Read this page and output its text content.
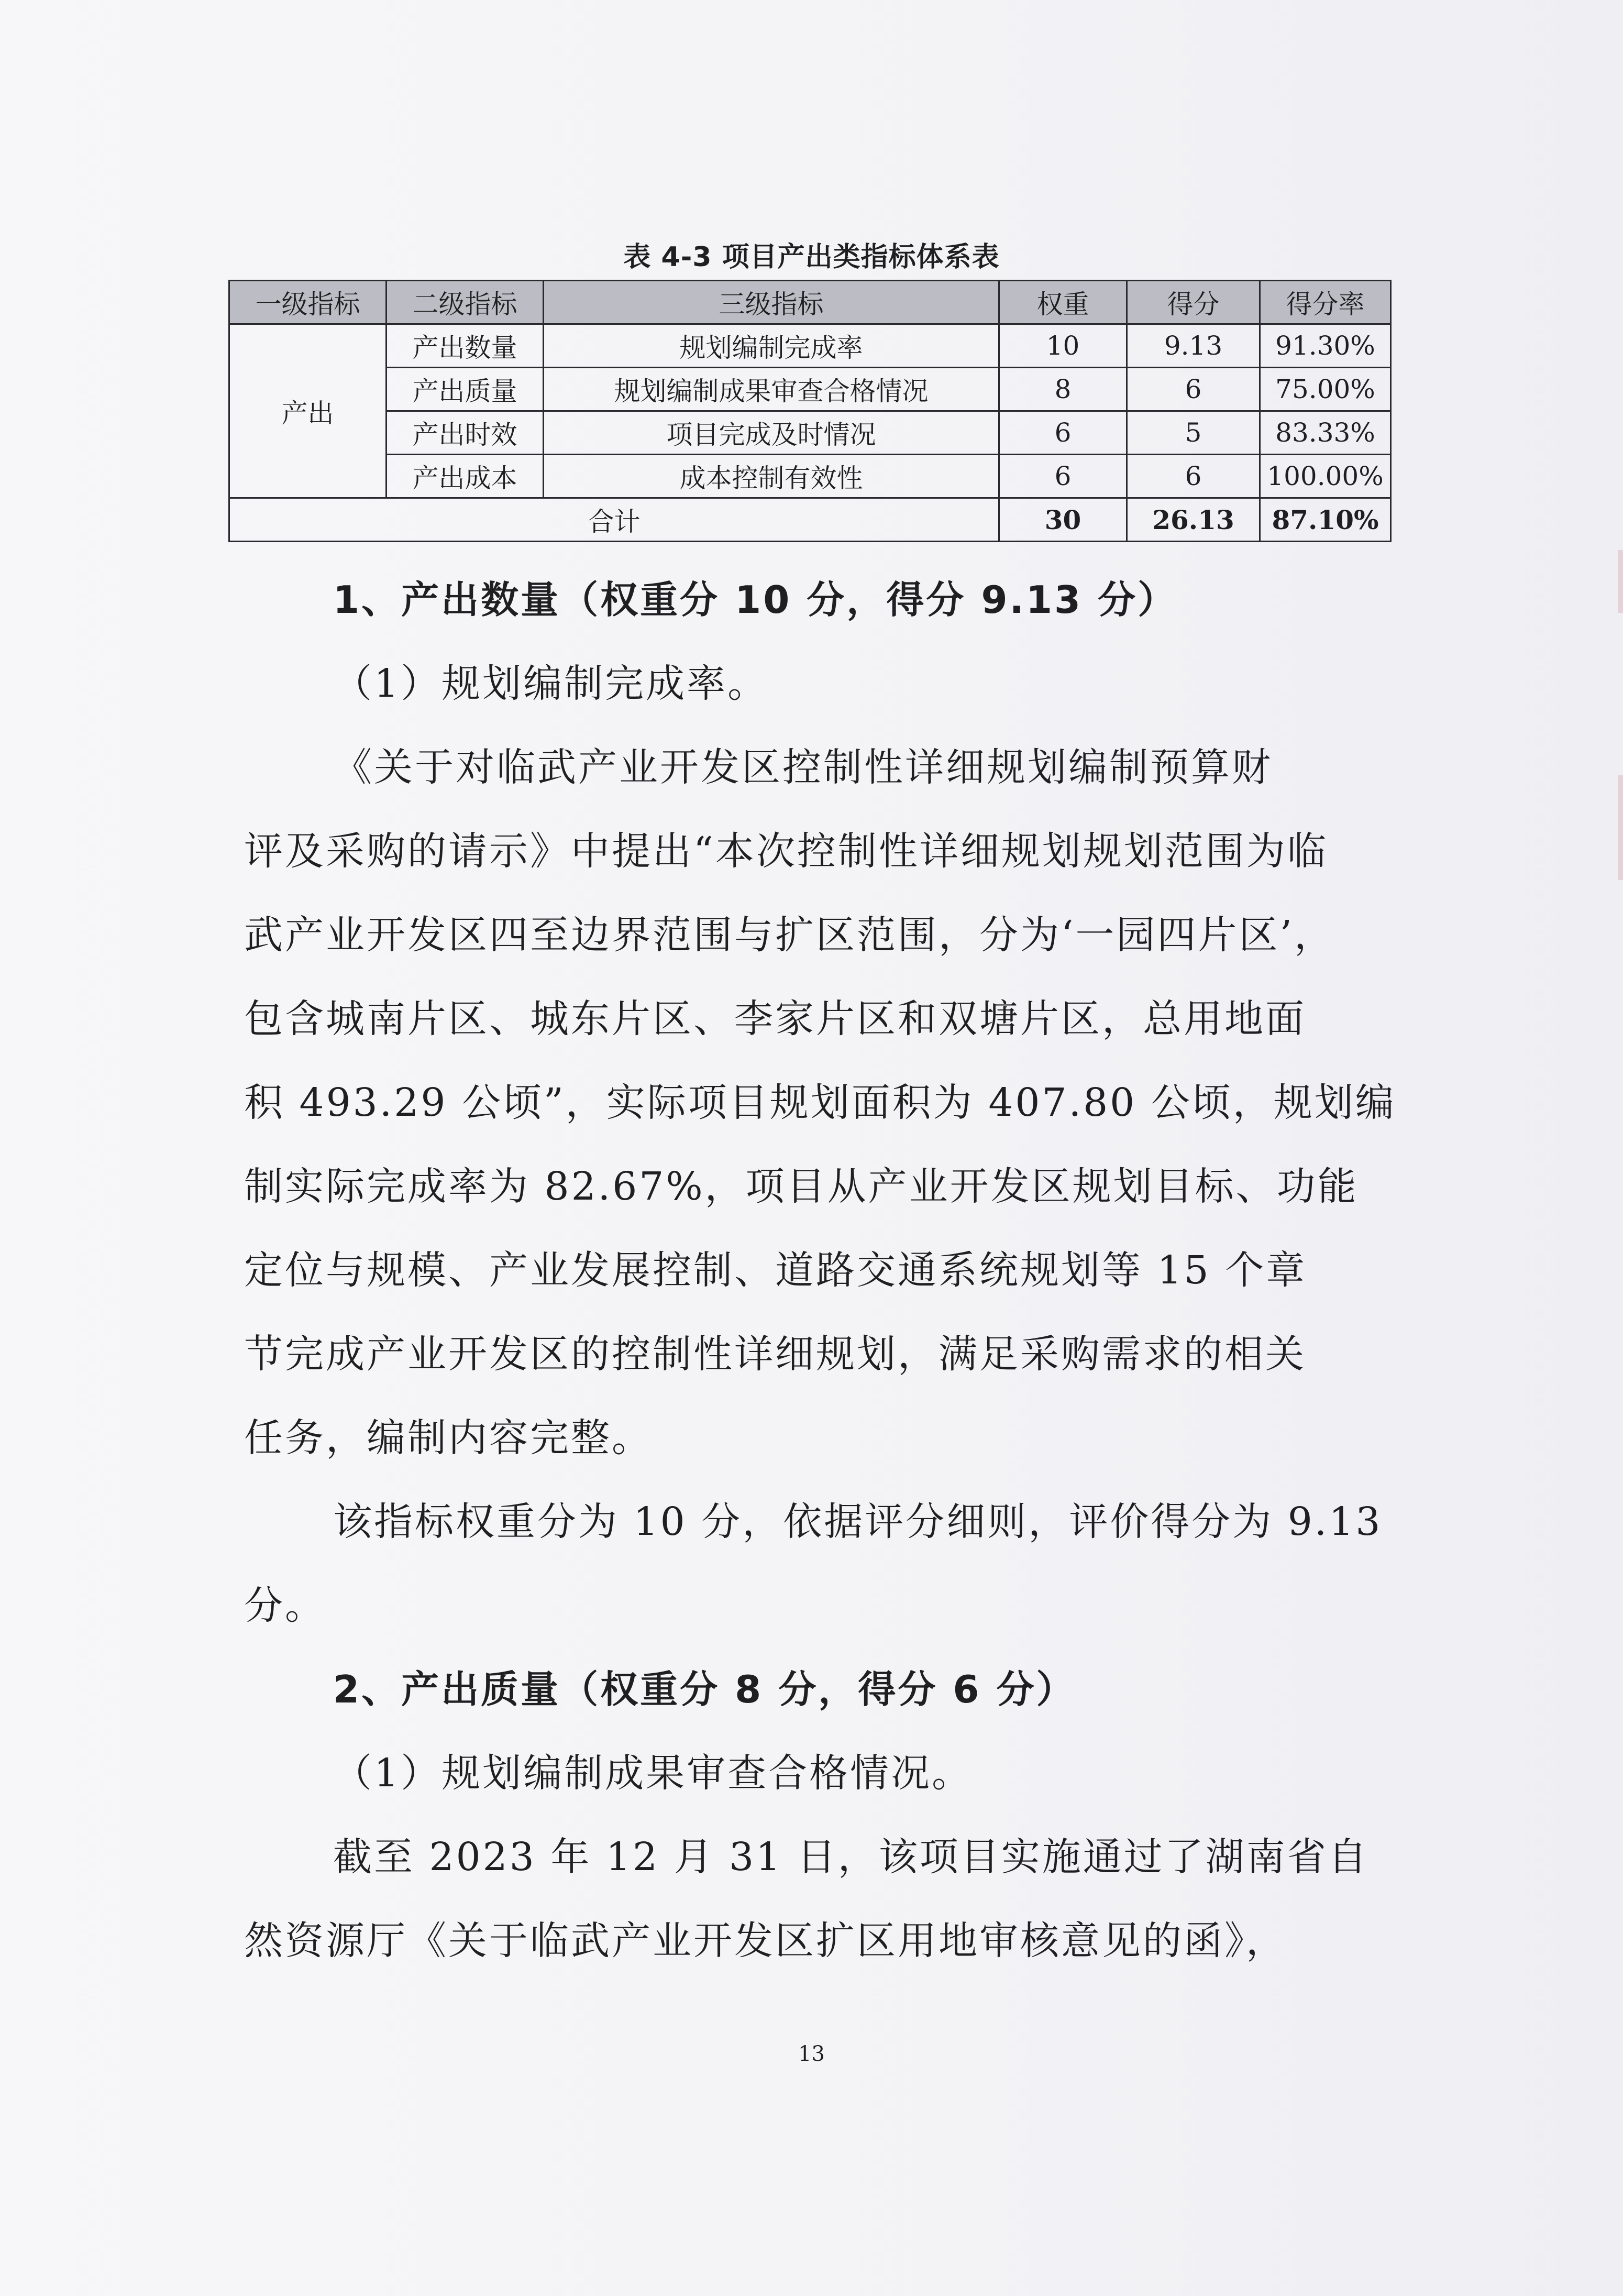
表 4-3 项目产出类指标体系表
一级指标	二级指标	三级指标	权重	得分	得分率
产出	产出数量	规划编制完成率	10	9.13	91.30%
	产出质量	规划编制成果审查合格情况	8	6	75.00%
	产出时效	项目完成及时情况	6	5	83.33%
	产出成本	成本控制有效性	6	6	100.00%
合计			30	26.13	87.10%
1、产出数量（权重分 10 分，得分 9.13 分）
（1）规划编制完成率。
《关于对临武产业开发区控制性详细规划编制预算财
评及采购的请示》中提出“本次控制性详细规划规划范围为临
武产业开发区四至边界范围与扩区范围，分为‘一园四片区’，
包含城南片区、城东片区、李家片区和双塘片区，总用地面
积 493.29 公顷”，实际项目规划面积为 407.80 公顷，规划编
制实际完成率为 82.67%，项目从产业开发区规划目标、功能
定位与规模、产业发展控制、道路交通系统规划等 15 个章
节完成产业开发区的控制性详细规划，满足采购需求的相关
任务，编制内容完整。
该指标权重分为 10 分，依据评分细则，评价得分为 9.13
分。
2、产出质量（权重分 8 分，得分 6 分）
（1）规划编制成果审查合格情况。
截至 2023 年 12 月 31 日，该项目实施通过了湖南省自
然资源厅《关于临武产业开发区扩区用地审核意见的函》，
13
